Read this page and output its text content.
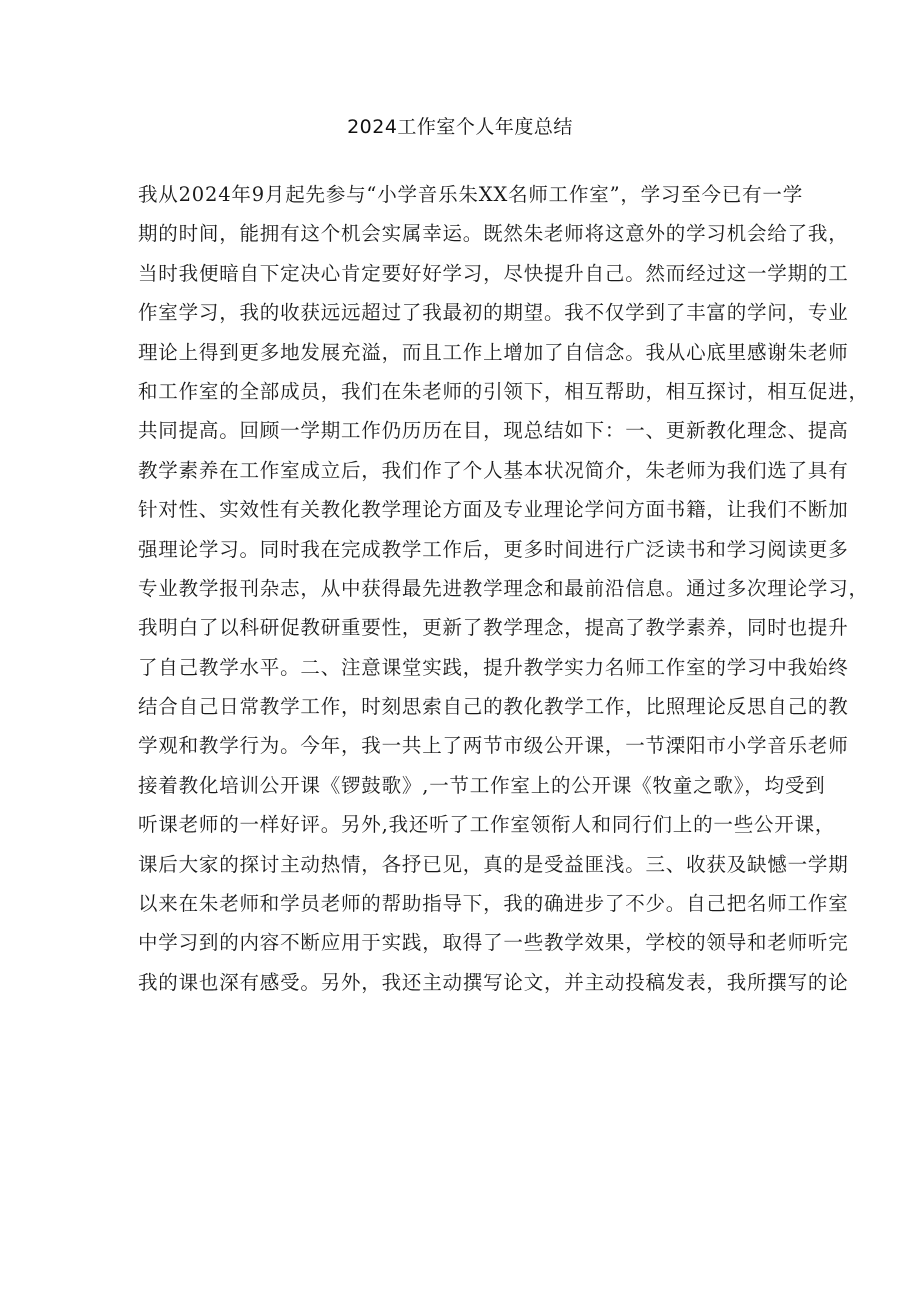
2024工作室个人年度总结
我从2024年9月起先参与“小学音乐朱XX名师工作室”，学习至今已有一学
期的时间，能拥有这个机会实属幸运。既然朱老师将这意外的学习机会给了我，
当时我便暗自下定决心肯定要好好学习，尽快提升自己。然而经过这一学期的工
作室学习，我的收获远远超过了我最初的期望。我不仅学到了丰富的学问，专业
理论上得到更多地发展充溢，而且工作上增加了自信念。我从心底里感谢朱老师
和工作室的全部成员，我们在朱老师的引领下，相互帮助，相互探讨，相互促进，
共同提高。回顾一学期工作仍历历在目，现总结如下：一、更新教化理念、提高
教学素养在工作室成立后，我们作了个人基本状况简介，朱老师为我们选了具有
针对性、实效性有关教化教学理论方面及专业理论学问方面书籍，让我们不断加
强理论学习。同时我在完成教学工作后，更多时间进行广泛读书和学习阅读更多
专业教学报刊杂志，从中获得最先进教学理念和最前沿信息。通过多次理论学习，
我明白了以科研促教研重要性，更新了教学理念，提高了教学素养，同时也提升
了自己教学水平。二、注意课堂实践，提升教学实力名师工作室的学习中我始终
结合自己日常教学工作，时刻思索自己的教化教学工作，比照理论反思自己的教
学观和教学行为。今年，我一共上了两节市级公开课，一节溧阳市小学音乐老师
接着教化培训公开课《锣鼓歌》,一节工作室上的公开课《牧童之歌》，均受到
听课老师的一样好评。另外,我还听了工作室领衔人和同行们上的一些公开课，
课后大家的探讨主动热情，各抒已见，真的是受益匪浅。三、收获及缺憾一学期
以来在朱老师和学员老师的帮助指导下，我的确进步了不少。自己把名师工作室
中学习到的内容不断应用于实践，取得了一些教学效果，学校的领导和老师听完
我的课也深有感受。另外，我还主动撰写论文，并主动投稿发表，我所撰写的论
